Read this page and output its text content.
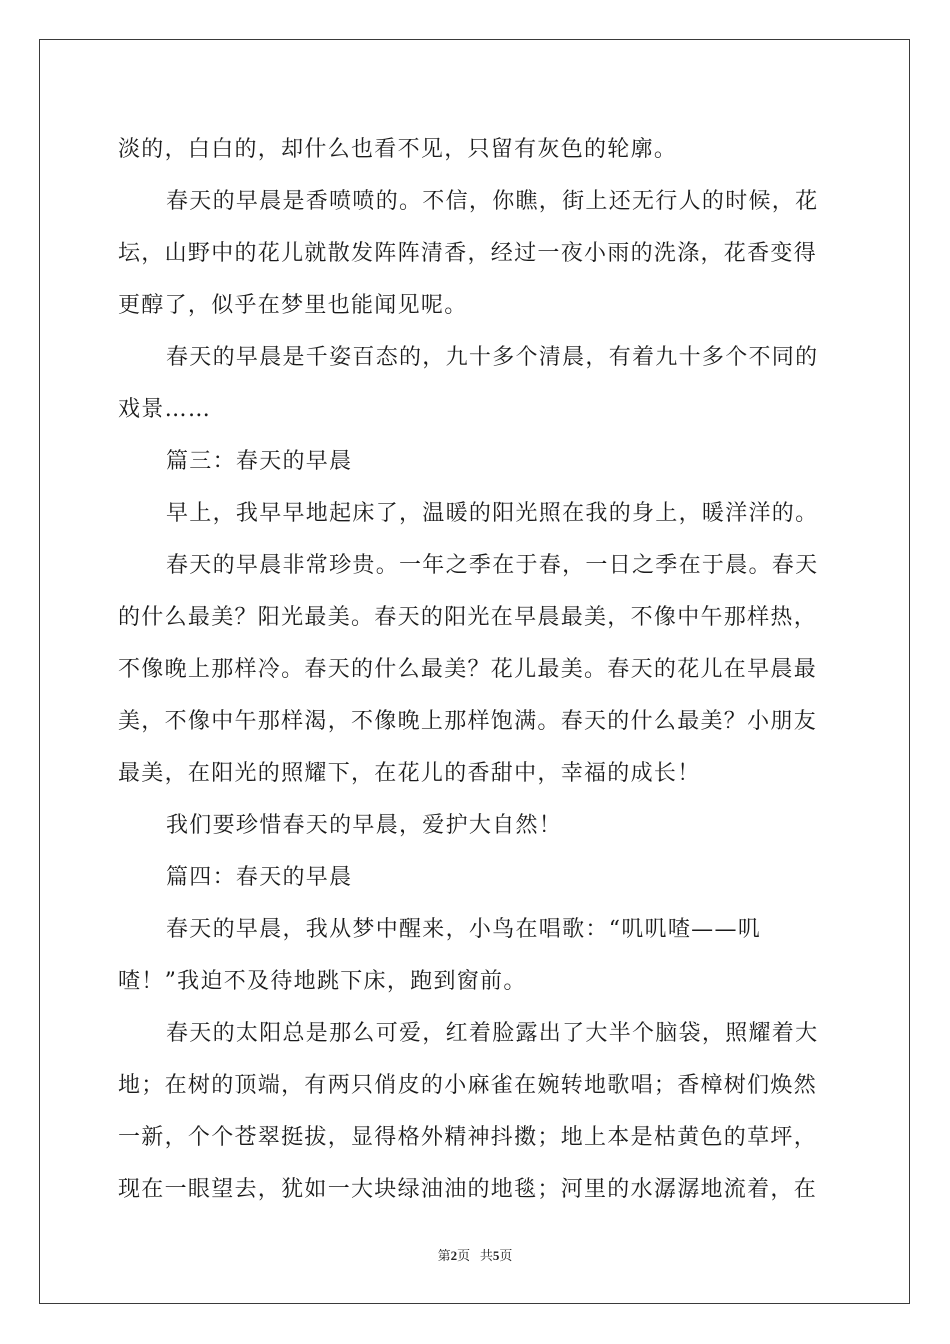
淡的，白白的，却什么也看不见，只留有灰色的轮廓。
春天的早晨是香喷喷的。不信，你瞧，街上还无行人的时候，花
坛，山野中的花儿就散发阵阵清香，经过一夜小雨的洗涤，花香变得
更醇了，似乎在梦里也能闻见呢。
春天的早晨是千姿百态的，九十多个清晨，有着九十多个不同的
戏景……
篇三：春天的早晨
早上，我早早地起床了，温暖的阳光照在我的身上，暖洋洋的。
春天的早晨非常珍贵。一年之季在于春，一日之季在于晨。春天
的什么最美？阳光最美。春天的阳光在早晨最美，不像中午那样热，
不像晚上那样冷。春天的什么最美？花儿最美。春天的花儿在早晨最
美，不像中午那样渴，不像晚上那样饱满。春天的什么最美？小朋友
最美，在阳光的照耀下，在花儿的香甜中，幸福的成长！
我们要珍惜春天的早晨，爱护大自然！
篇四：春天的早晨
春天的早晨，我从梦中醒来，小鸟在唱歌：“叽叽喳——叽
喳！”我迫不及待地跳下床，跑到窗前。
春天的太阳总是那么可爱，红着脸露出了大半个脑袋，照耀着大
地；在树的顶端，有两只俏皮的小麻雀在婉转地歌唱；香樟树们焕然
一新，个个苍翠挺拔，显得格外精神抖擞；地上本是枯黄色的草坪，
现在一眼望去，犹如一大块绿油油的地毯；河里的水潺潺地流着，在
第2页 共5页
